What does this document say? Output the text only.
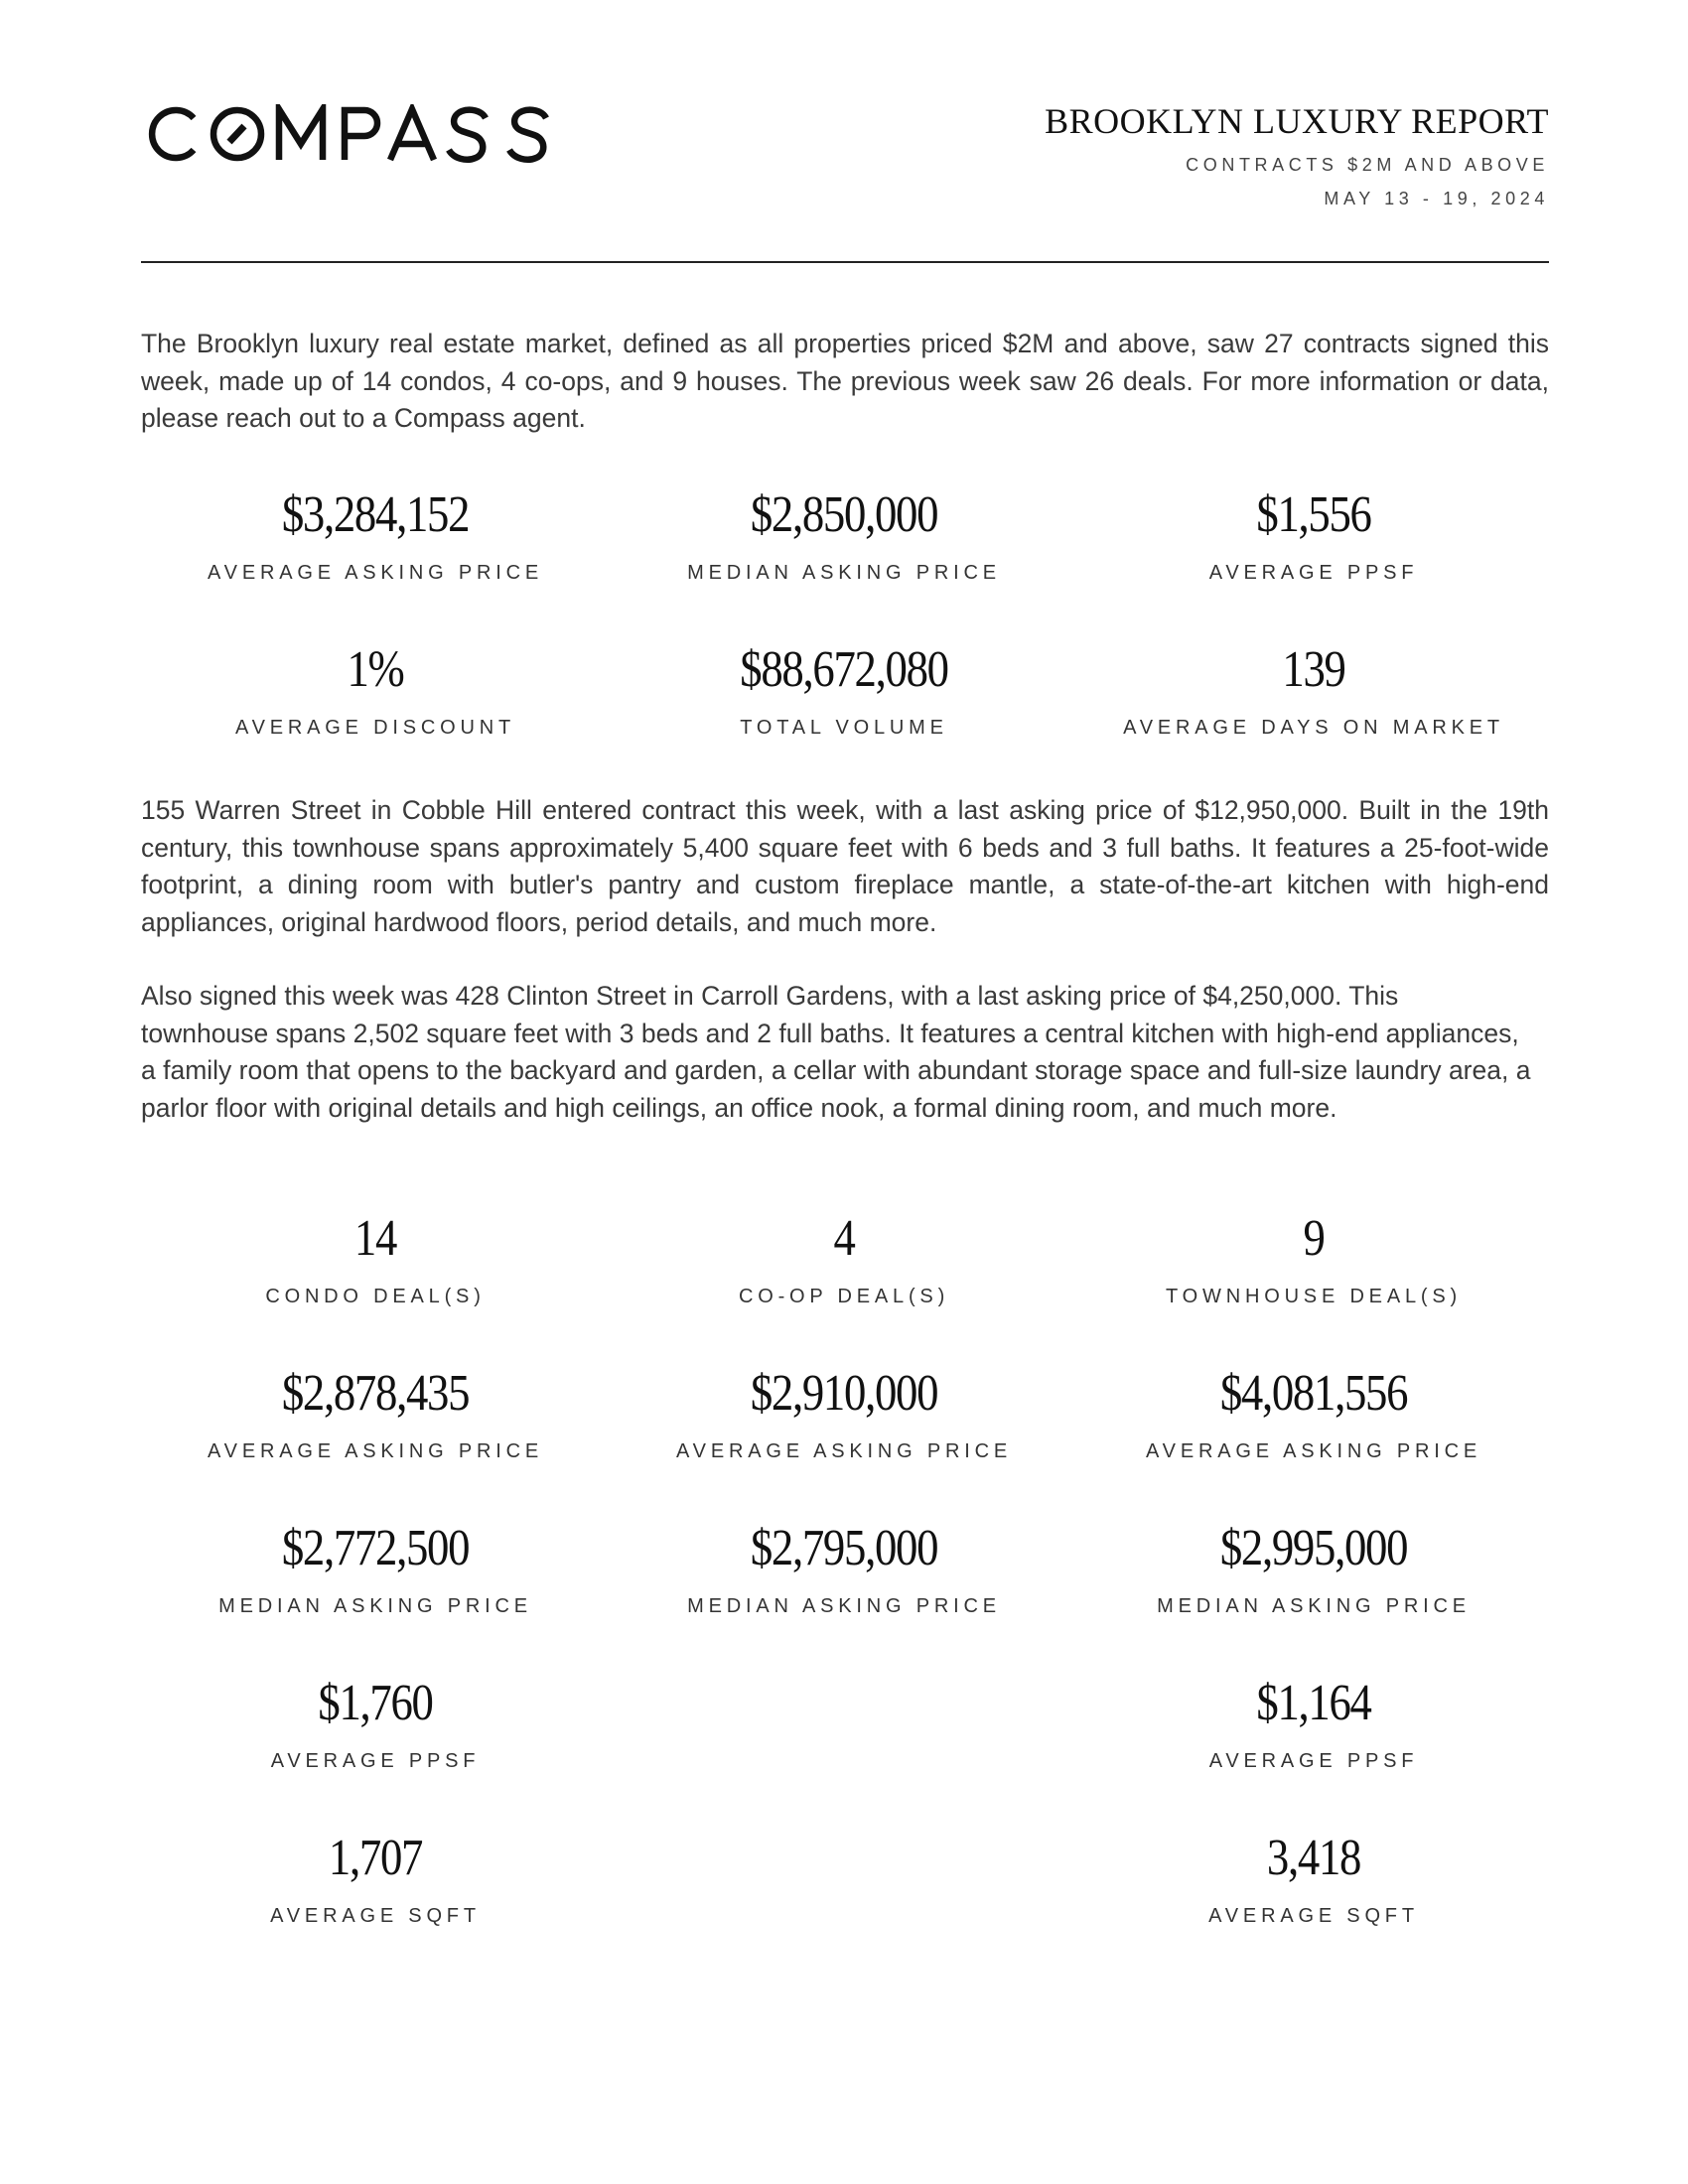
BROOKLYN LUXURY REPORT
CONTRACTS $2M AND ABOVE
MAY 13 - 19, 2024

The Brooklyn luxury real estate market, defined as all properties priced $2M and above, saw 27 contracts signed this week, made up of 14 condos, 4 co-ops, and 9 houses. The previous week saw 26 deals. For more information or data, please reach out to a Compass agent.

$3,284,152
AVERAGE ASKING PRICE
$2,850,000
MEDIAN ASKING PRICE
$1,556
AVERAGE PPSF
1%
AVERAGE DISCOUNT
$88,672,080
TOTAL VOLUME
139
AVERAGE DAYS ON MARKET

155 Warren Street in Cobble Hill entered contract this week, with a last asking price of $12,950,000. Built in the 19th century, this townhouse spans approximately 5,400 square feet with 6 beds and 3 full baths. It features a 25-foot-wide footprint, a dining room with butler's pantry and custom fireplace mantle, a state-of-the-art kitchen with high-end appliances, original hardwood floors, period details, and much more.

Also signed this week was 428 Clinton Street in Carroll Gardens, with a last asking price of $4,250,000. This townhouse spans 2,502 square feet with 3 beds and 2 full baths. It features a central kitchen with high-end appliances, a family room that opens to the backyard and garden, a cellar with abundant storage space and full-size laundry area, a parlor floor with original details and high ceilings, an office nook, a formal dining room, and much more.

14
CONDO DEAL(S)
4
CO-OP DEAL(S)
9
TOWNHOUSE DEAL(S)
$2,878,435
AVERAGE ASKING PRICE
$2,910,000
AVERAGE ASKING PRICE
$4,081,556
AVERAGE ASKING PRICE
$2,772,500
MEDIAN ASKING PRICE
$2,795,000
MEDIAN ASKING PRICE
$2,995,000
MEDIAN ASKING PRICE
$1,760
AVERAGE PPSF
$1,164
AVERAGE PPSF
1,707
AVERAGE SQFT
3,418
AVERAGE SQFT
